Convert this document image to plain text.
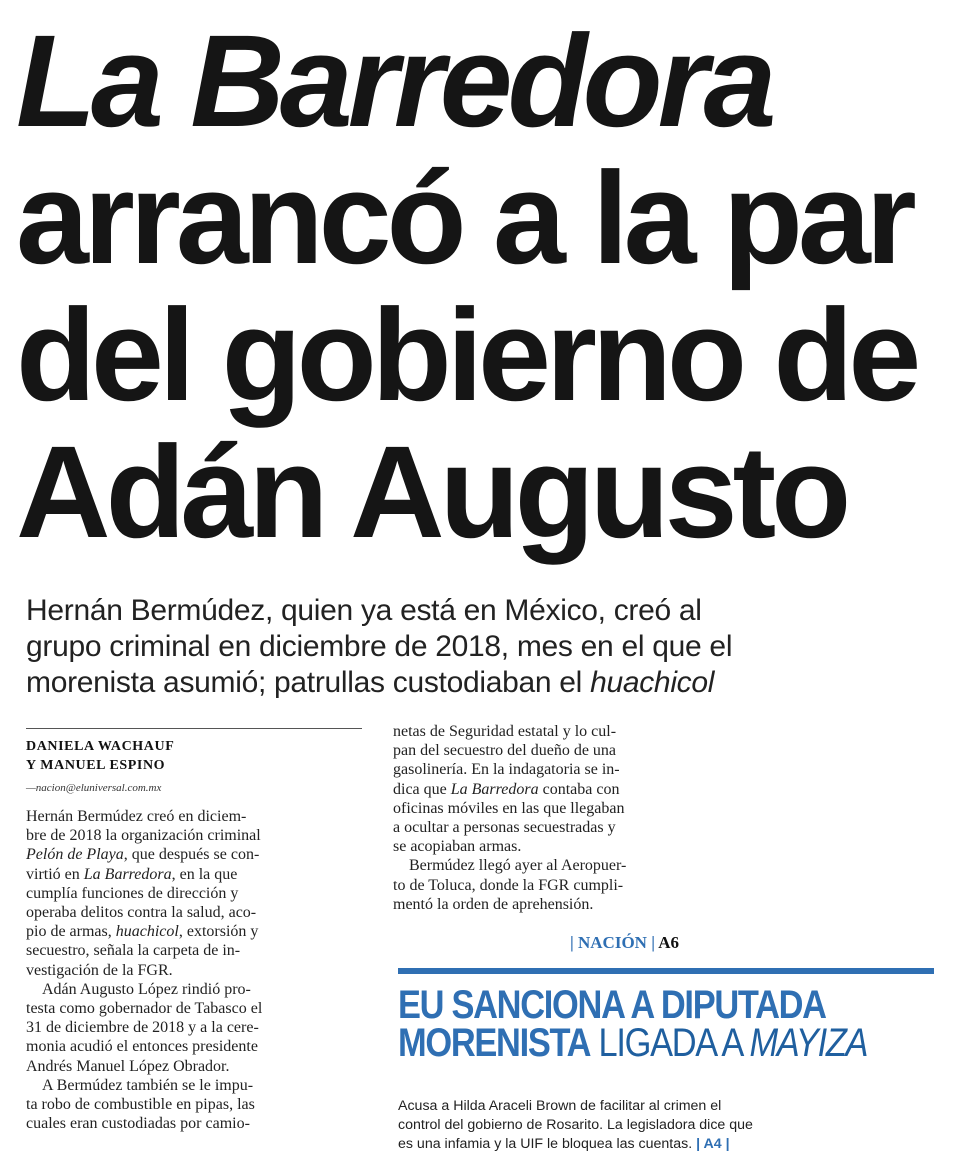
La Barredora
arrancó a la par
del gobierno de
Adán Augusto

Hernán Bermúdez, quien ya está en México, creó al
grupo criminal en diciembre de 2018, mes en el que el
morenista asumió; patrullas custodiaban el huachicol

DANIELA WACHAUF
Y MANUEL ESPINO
—nacion@eluniversal.com.mx
Hernán Bermúdez creó en diciem-
bre de 2018 la organización criminal
Pelón de Playa, que después se con-
virtió en La Barredora, en la que
cumplía funciones de dirección y
operaba delitos contra la salud, aco-
pio de armas, huachicol, extorsión y
secuestro, señala la carpeta de in-
vestigación de la FGR.
Adán Augusto López rindió pro-
testa como gobernador de Tabasco el
31 de diciembre de 2018 y a la cere-
monia acudió el entonces presidente
Andrés Manuel López Obrador.
A Bermúdez también se le impu-
ta robo de combustible en pipas, las
cuales eran custodiadas por camio-
netas de Seguridad estatal y lo cul-
pan del secuestro del dueño de una
gasolinería. En la indagatoria se in-
dica que La Barredora contaba con
oficinas móviles en las que llegaban
a ocultar a personas secuestradas y
se acopiaban armas.
Bermúdez llegó ayer al Aeropuer-
to de Toluca, donde la FGR cumpli-
mentó la orden de aprehensión.
| NACIÓN | A6
EU SANCIONA A DIPUTADA
MORENISTA LIGADA A MAYIZA
Acusa a Hilda Araceli Brown de facilitar al crimen el
control del gobierno de Rosarito. La legisladora dice que
es una infamia y la UIF le bloquea las cuentas. | A4 |
